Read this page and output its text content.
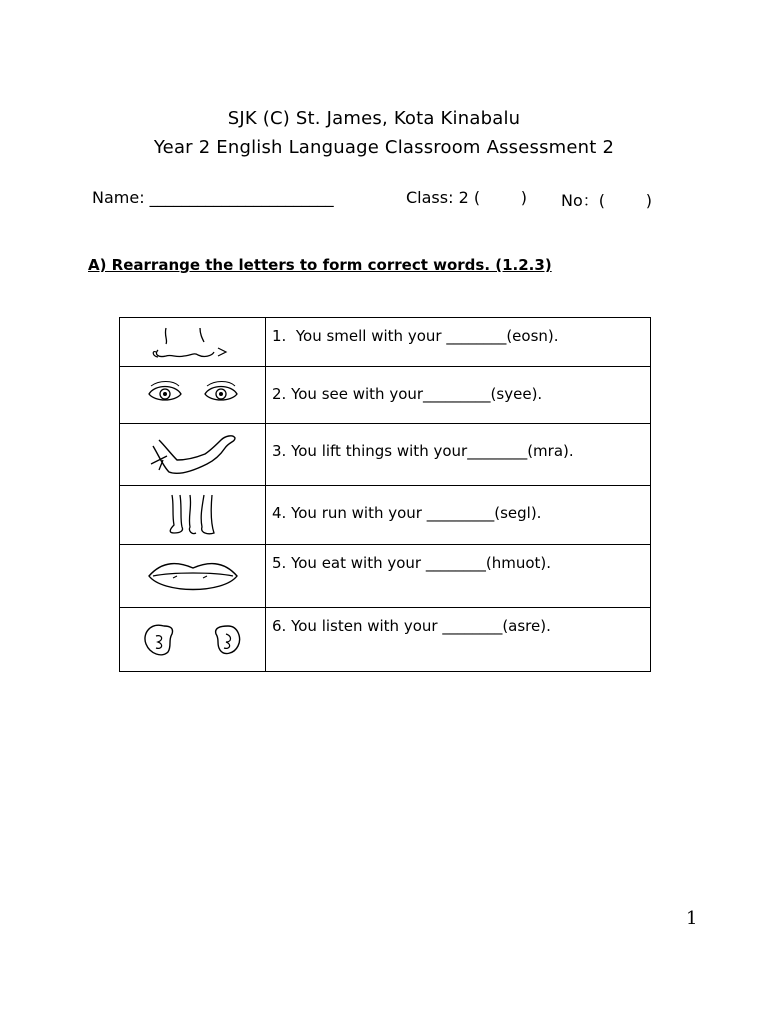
SJK (C) St. James, Kota Kinabalu
Year 2 English Language Classroom Assessment 2
Name: _______________________	Class: 2 (        ) No：(        )
A) Rearrange the letters to form correct words. (1.2.3)
	1.  You smell with your ________(eosn).

	2. You see with your_________(syee).

	3. You lift things with your________(mra).

	4. You run with your _________(segl).

	5. You eat with your ________(hmuot).

	6. You listen with your ________(asre).
1
